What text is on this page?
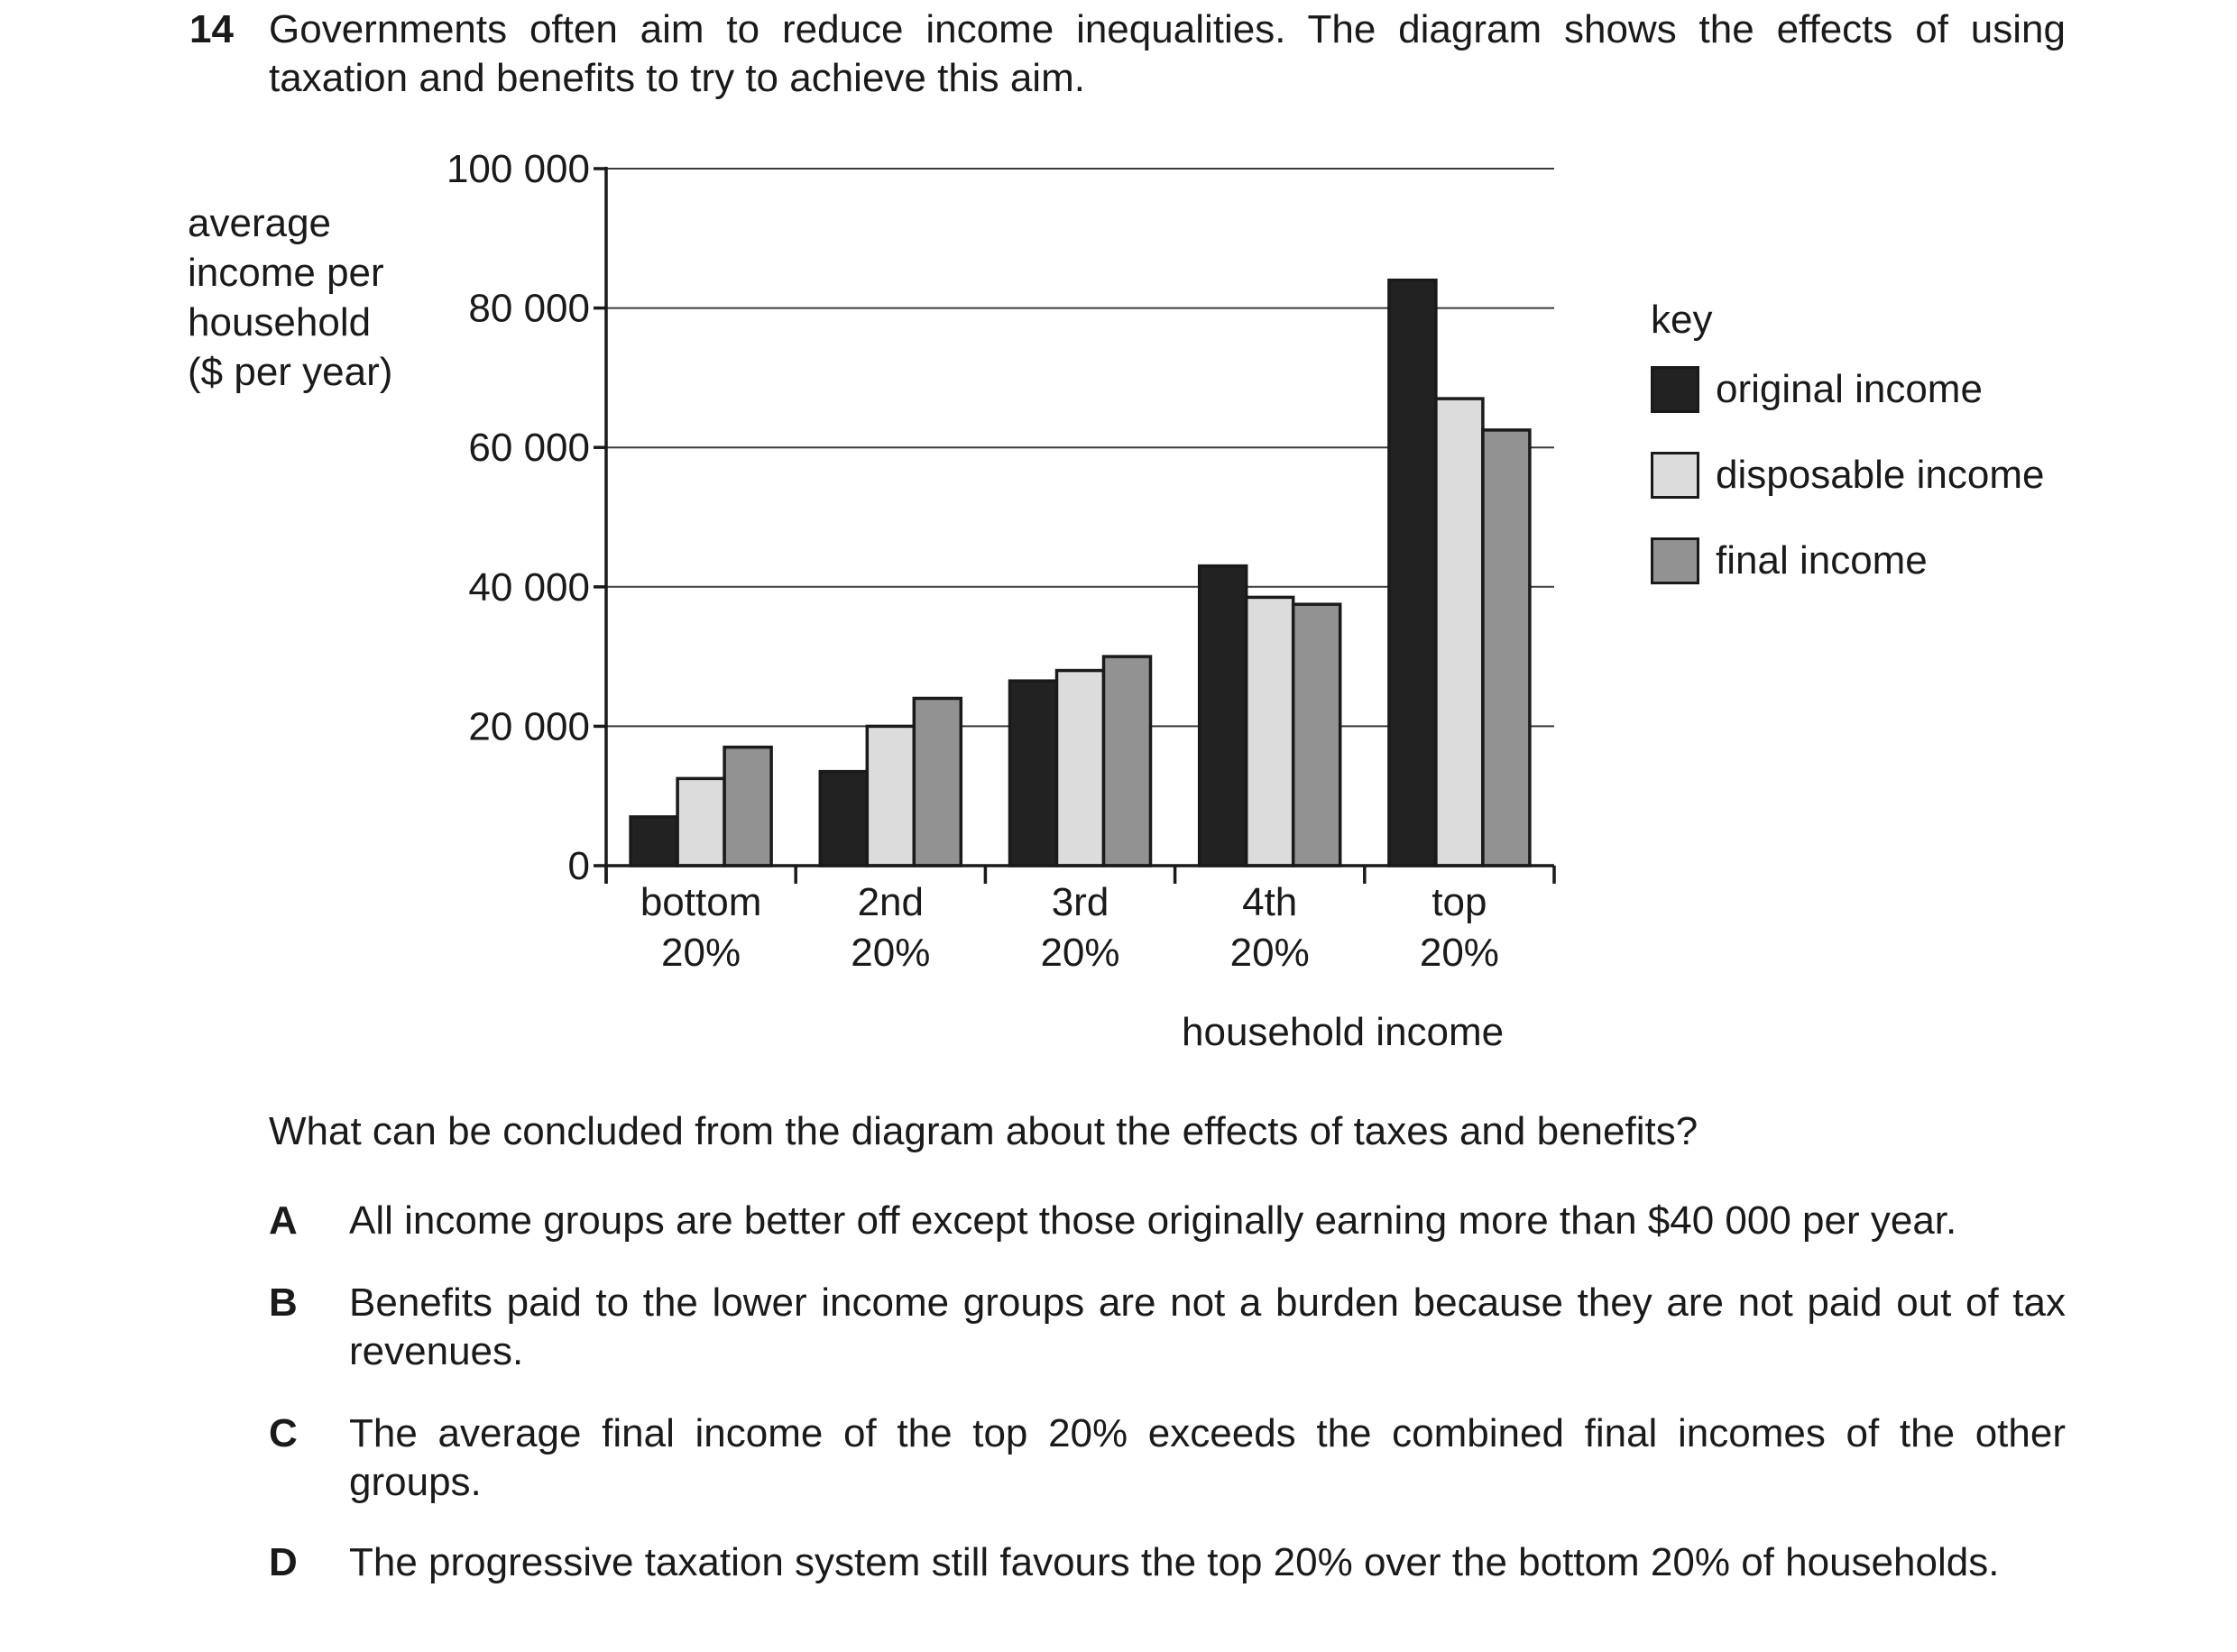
14 Governments often aim to reduce income inequalities. The diagram shows the effects of using taxation and benefits to try to achieve this aim.
average
income per
household
($ per year)
0
20 000
40 000
60 000
80 000
100 000
bottom
20%
2nd
20%
3rd
20%
4th
20%
top
20%
household income
key
original income
disposable income
final income
What can be concluded from the diagram about the effects of taxes and benefits?
A All income groups are better off except those originally earning more than $40 000 per year.
B Benefits paid to the lower income groups are not a burden because they are not paid out of tax revenues.
C The average final income of the top 20% exceeds the combined final incomes of the other groups.
D The progressive taxation system still favours the top 20% over the bottom 20% of households.
